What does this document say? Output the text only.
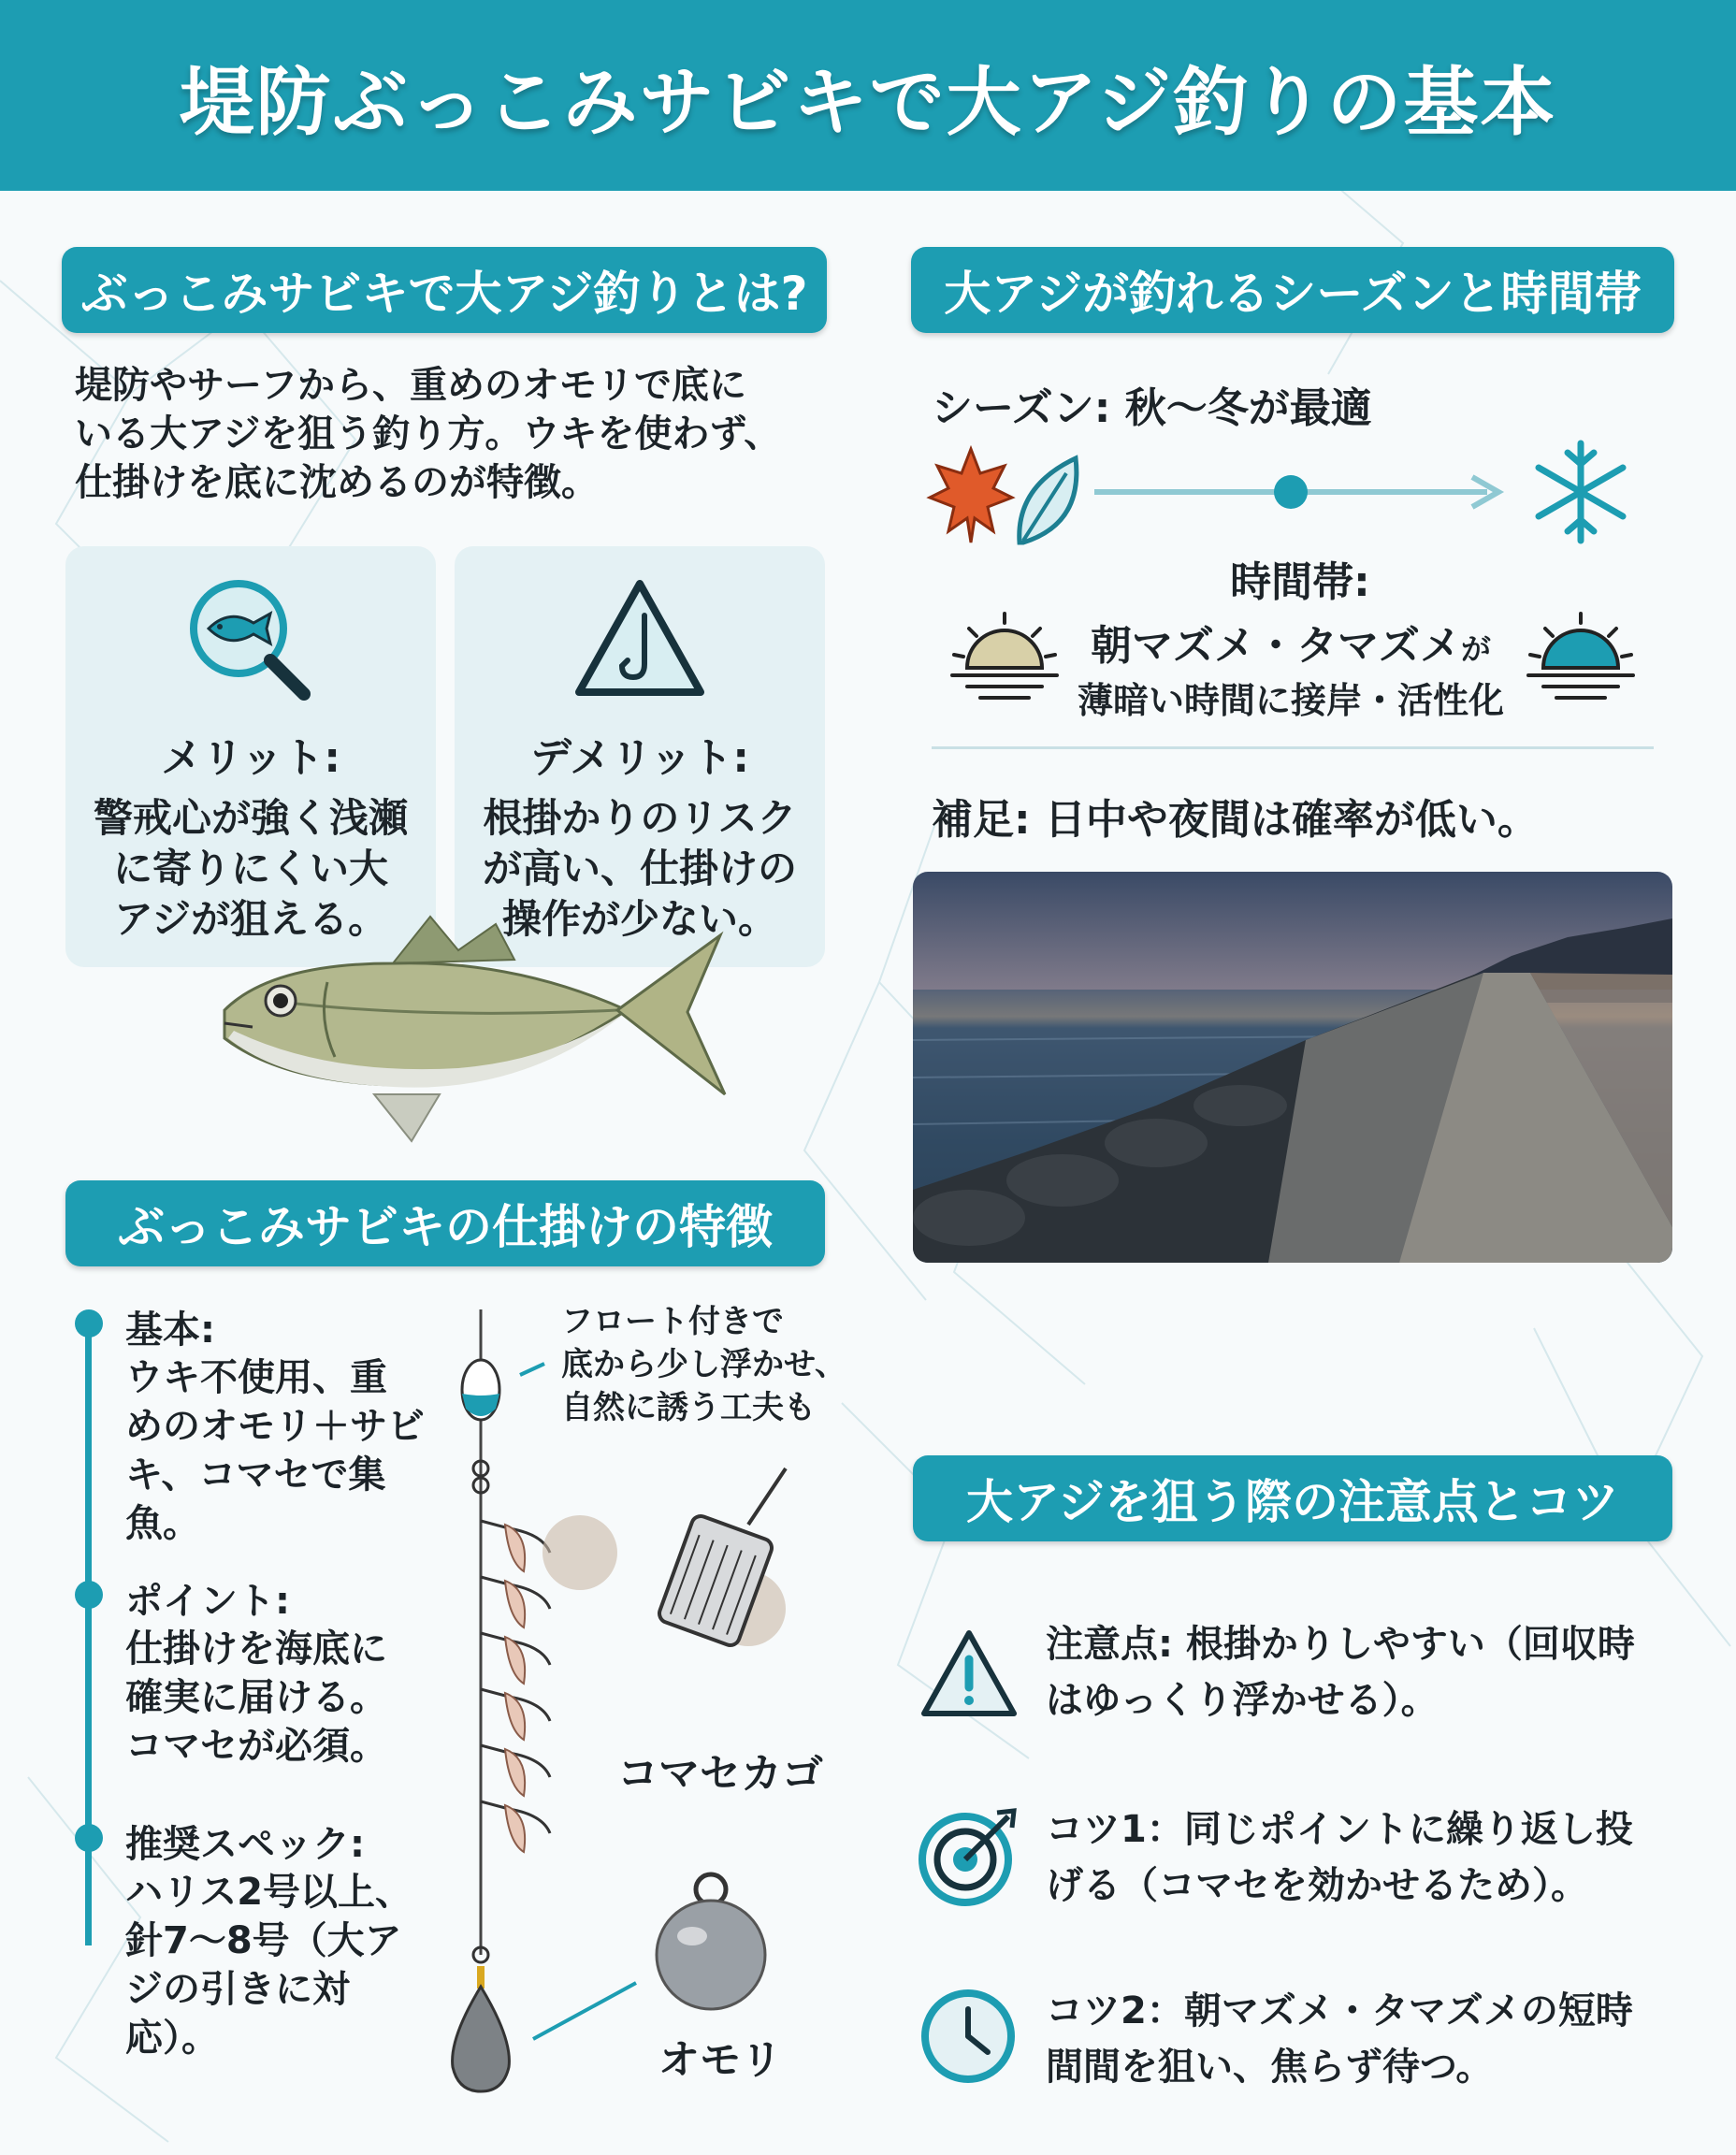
堤防ぶっこみサビキで大アジ釣りの基本
ぶっこみサビキで大アジ釣りとは?
堤防やサーフから、重めのオモリで底に
いる大アジを狙う釣り方。ウキを使わず、
仕掛けを底に沈めるのが特徴。
メリット:
警戒心が強く浅瀬
に寄りにくい大
アジが狙える。
デメリット:
根掛かりのリスク
が高い、仕掛けの
操作が少ない。
大アジが釣れるシーズンと時間帯
シーズン: 秋〜冬が最適
時間帯:
朝マズメ・タマズメが
薄暗い時間に接岸・活性化
補足: 日中や夜間は確率が低い。
ぶっこみサビキの仕掛けの特徴
基本:
ウキ不使用、重
めのオモリ＋サビ
キ、コマセで集
魚。
ポイント:
仕掛けを海底に
確実に届ける。
コマセが必須。
推奨スペック:
ハリス2号以上、
針7〜8号（大ア
ジの引きに対
応）。
フロート付きで
底から少し浮かせ、
自然に誘う工夫も
コマセカゴ
オモリ
大アジを狙う際の注意点とコツ
注意点: 根掛かりしやすい（回収時
はゆっくり浮かせる）。
コツ1：同じポイントに繰り返し投
げる（コマセを効かせるため）。
コツ2：朝マズメ・タマズメの短時
間間を狙い、焦らず待つ。
